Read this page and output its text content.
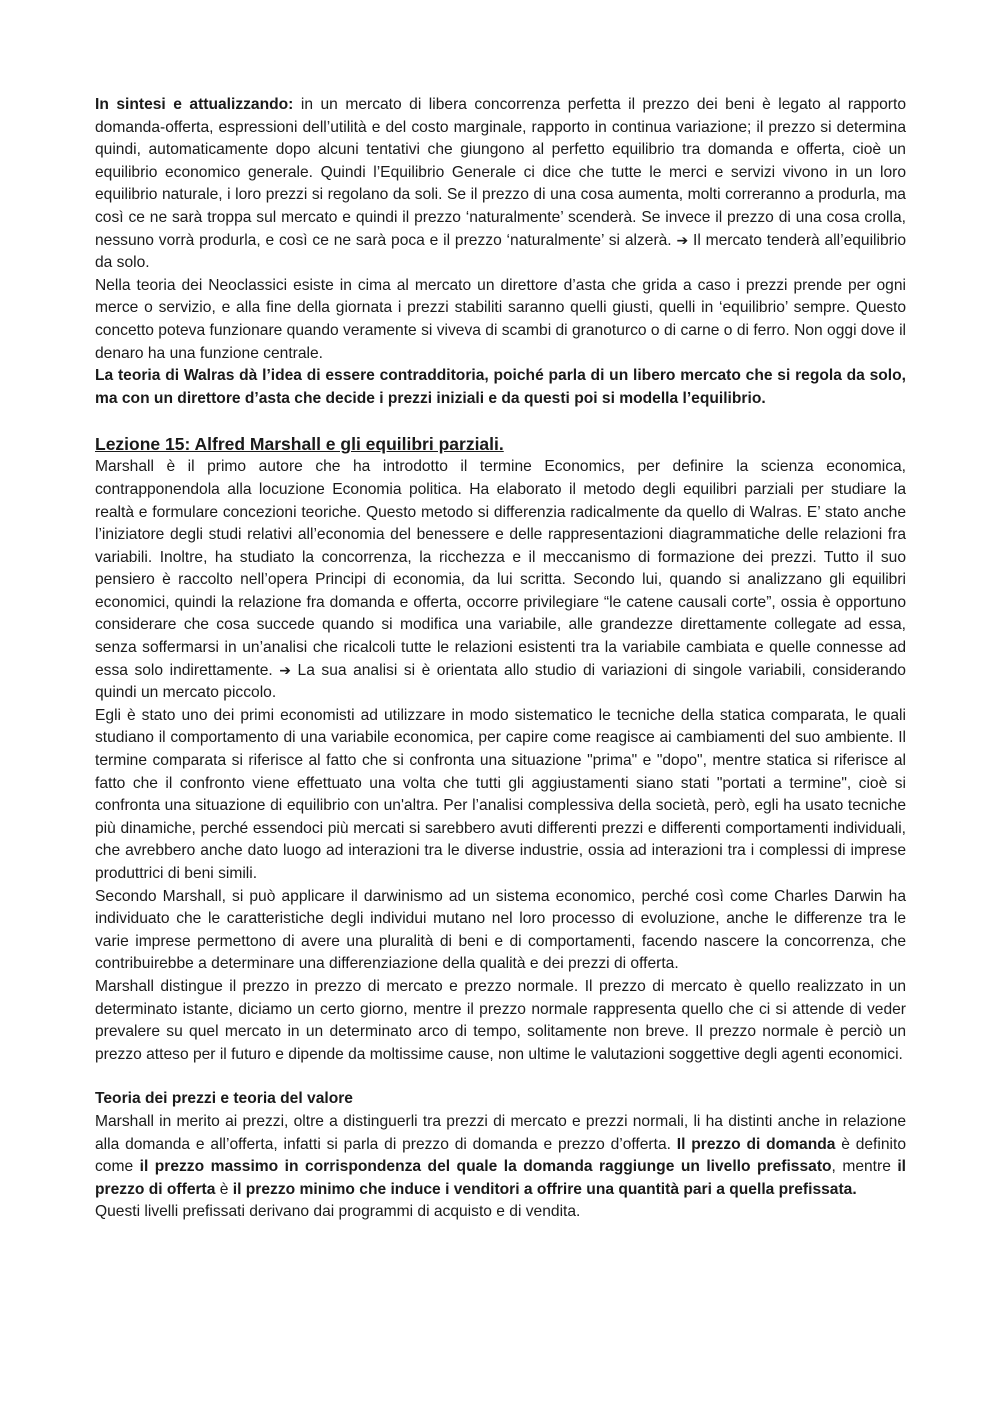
In sintesi e attualizzando: in un mercato di libera concorrenza perfetta il prezzo dei beni è legato al rapporto domanda-offerta, espressioni dell’utilità e del costo marginale, rapporto in continua variazione; il prezzo si determina quindi, automaticamente dopo alcuni tentativi che giungono al perfetto equilibrio tra domanda e offerta, cioè un equilibrio economico generale. Quindi l’Equilibrio Generale ci dice che tutte le merci e servizi vivono in un loro equilibrio naturale, i loro prezzi si regolano da soli. Se il prezzo di una cosa aumenta, molti correranno a produrla, ma così ce ne sarà troppa sul mercato e quindi il prezzo ‘naturalmente’ scenderà. Se invece il prezzo di una cosa crolla, nessuno vorrà produrla, e così ce ne sarà poca e il prezzo ‘naturalmente’ si alzerà. ➔ Il mercato tenderà all’equilibrio da solo.

Nella teoria dei Neoclassici esiste in cima al mercato un direttore d’asta che grida a caso i prezzi prende per ogni merce o servizio, e alla fine della giornata i prezzi stabiliti saranno quelli giusti, quelli in ‘equilibrio’ sempre. Questo concetto poteva funzionare quando veramente si viveva di scambi di granoturco o di carne o di ferro. Non oggi dove il denaro ha una funzione centrale.

La teoria di Walras dà l’idea di essere contradditoria, poiché parla di un libero mercato che si regola da solo, ma con un direttore d’asta che decide i prezzi iniziali e da questi poi si modella l’equilibrio.

Lezione 15: Alfred Marshall e gli equilibri parziali.

Marshall è il primo autore che ha introdotto il termine Economics, per definire la scienza economica, contrapponendola alla locuzione Economia politica. Ha elaborato il metodo degli equilibri parziali per studiare la realtà e formulare concezioni teoriche. Questo metodo si differenzia radicalmente da quello di Walras. E’ stato anche l’iniziatore degli studi relativi all’economia del benessere e delle rappresentazioni diagrammatiche delle relazioni fra variabili. Inoltre, ha studiato la concorrenza, la ricchezza e il meccanismo di formazione dei prezzi. Tutto il suo pensiero è raccolto nell’opera Principi di economia, da lui scritta. Secondo lui, quando si analizzano gli equilibri economici, quindi la relazione fra domanda e offerta, occorre privilegiare “le catene causali corte”, ossia è opportuno considerare che cosa succede quando si modifica una variabile, alle grandezze direttamente collegate ad essa, senza soffermarsi in un’analisi che ricalcoli tutte le relazioni esistenti tra la variabile cambiata e quelle connesse ad essa solo indirettamente. ➔ La sua analisi si è orientata allo studio di variazioni di singole variabili, considerando quindi un mercato piccolo.

Egli è stato uno dei primi economisti ad utilizzare in modo sistematico le tecniche della statica comparata, le quali studiano il comportamento di una variabile economica, per capire come reagisce ai cambiamenti del suo ambiente. Il termine comparata si riferisce al fatto che si confronta una situazione "prima" e "dopo", mentre statica si riferisce al fatto che il confronto viene effettuato una volta che tutti gli aggiustamenti siano stati "portati a termine", cioè si confronta una situazione di equilibrio con un'altra. Per l’analisi complessiva della società, però, egli ha usato tecniche più dinamiche, perché essendoci più mercati si sarebbero avuti differenti prezzi e differenti comportamenti individuali, che avrebbero anche dato luogo ad interazioni tra le diverse industrie, ossia ad interazioni tra i complessi di imprese produttrici di beni simili.

Secondo Marshall, si può applicare il darwinismo ad un sistema economico, perché così come Charles Darwin ha individuato che le caratteristiche degli individui mutano nel loro processo di evoluzione, anche le differenze tra le varie imprese permettono di avere una pluralità di beni e di comportamenti, facendo nascere la concorrenza, che contribuirebbe a determinare una differenziazione della qualità e dei prezzi di offerta.

Marshall distingue il prezzo in prezzo di mercato e prezzo normale. Il prezzo di mercato è quello realizzato in un determinato istante, diciamo un certo giorno, mentre il prezzo normale rappresenta quello che ci si attende di veder prevalere su quel mercato in un determinato arco di tempo, solitamente non breve. Il prezzo normale è perciò un prezzo atteso per il futuro e dipende da moltissime cause, non ultime le valutazioni soggettive degli agenti economici.

Teoria dei prezzi e teoria del valore

Marshall in merito ai prezzi, oltre a distinguerli tra prezzi di mercato e prezzi normali, li ha distinti anche in relazione alla domanda e all’offerta, infatti si parla di prezzo di domanda e prezzo d’offerta. Il prezzo di domanda è definito come il prezzo massimo in corrispondenza del quale la domanda raggiunge un livello prefissato, mentre il prezzo di offerta è il prezzo minimo che induce i venditori a offrire una quantità pari a quella prefissata.

Questi livelli prefissati derivano dai programmi di acquisto e di vendita.
